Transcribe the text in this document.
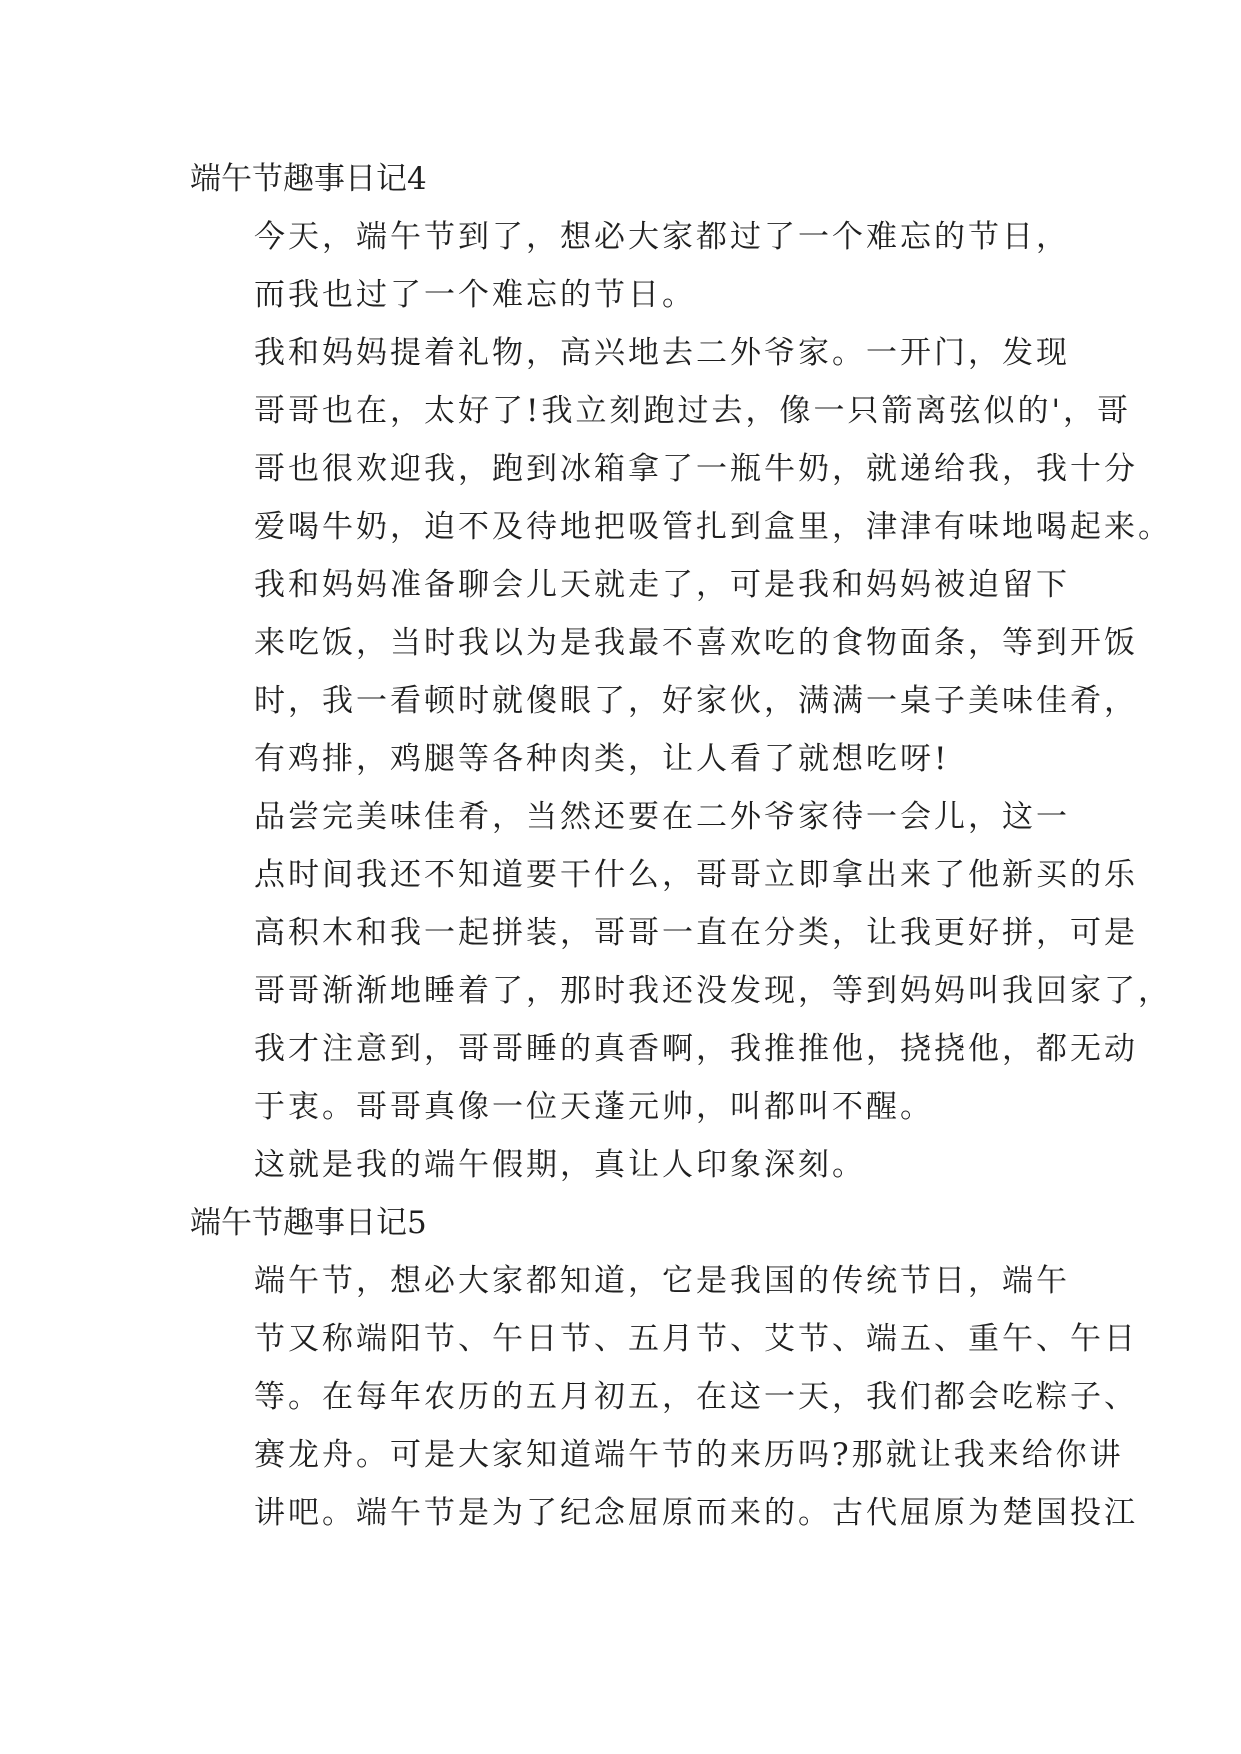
端午节趣事日记4

今天，端午节到了，想必大家都过了一个难忘的节日，
而我也过了一个难忘的节日。

我和妈妈提着礼物，高兴地去二外爷家。一开门，发现
哥哥也在，太好了!我立刻跑过去，像一只箭离弦似的'，哥
哥也很欢迎我，跑到冰箱拿了一瓶牛奶，就递给我，我十分
爱喝牛奶，迫不及待地把吸管扎到盒里，津津有味地喝起来。

我和妈妈准备聊会儿天就走了，可是我和妈妈被迫留下
来吃饭，当时我以为是我最不喜欢吃的食物面条，等到开饭
时，我一看顿时就傻眼了，好家伙，满满一桌子美味佳肴，
有鸡排，鸡腿等各种肉类，让人看了就想吃呀!

品尝完美味佳肴，当然还要在二外爷家待一会儿，这一
点时间我还不知道要干什么，哥哥立即拿出来了他新买的乐
高积木和我一起拼装，哥哥一直在分类，让我更好拼，可是
哥哥渐渐地睡着了，那时我还没发现，等到妈妈叫我回家了，
我才注意到，哥哥睡的真香啊，我推推他，挠挠他，都无动
于衷。哥哥真像一位天蓬元帅，叫都叫不醒。

这就是我的端午假期，真让人印象深刻。

端午节趣事日记5

端午节，想必大家都知道，它是我国的传统节日，端午
节又称端阳节、午日节、五月节、艾节、端五、重午、午日
等。在每年农历的五月初五，在这一天，我们都会吃粽子、
赛龙舟。可是大家知道端午节的来历吗?那就让我来给你讲
讲吧。端午节是为了纪念屈原而来的。古代屈原为楚国投江
